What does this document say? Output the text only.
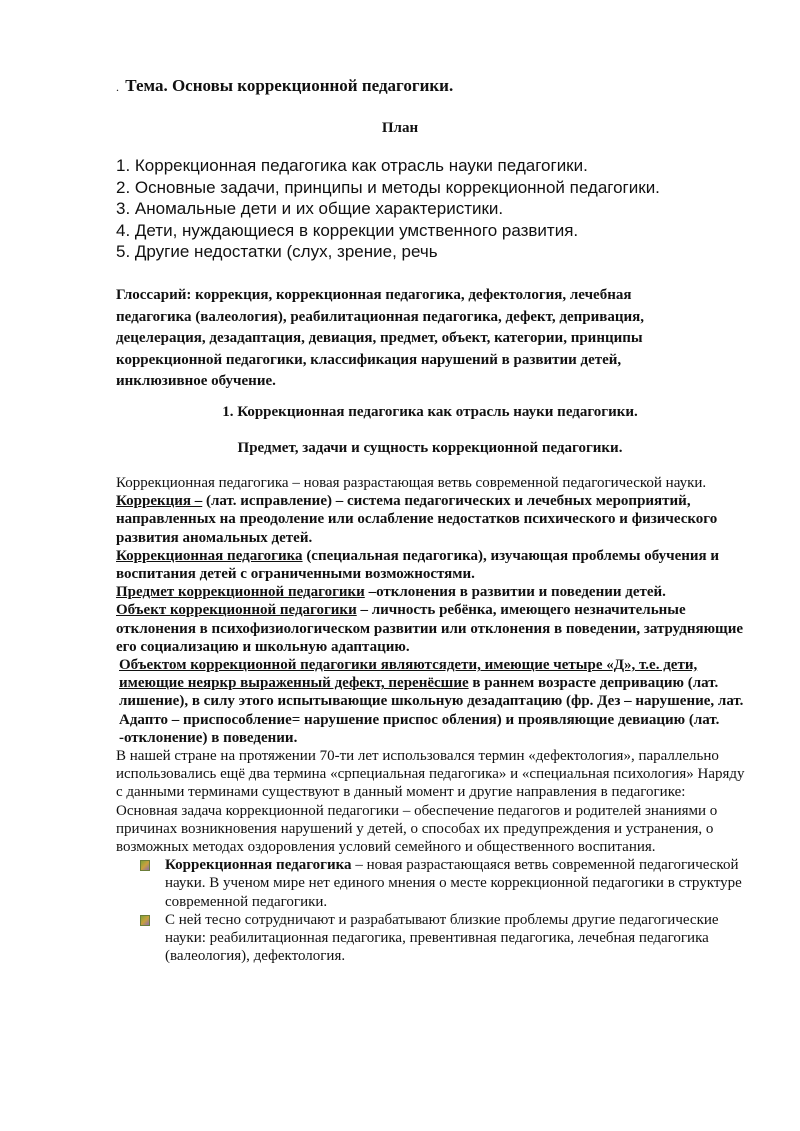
. Тема. Основы коррекционной педагогики.
План
1. Коррекционная педагогика как отрасль науки педагогики.
2. Основные задачи, принципы и методы коррекционной педагогики.
3. Аномальные дети и их общие характеристики.
4. Дети, нуждающиеся в коррекции умственного развития.
5. Другие недостатки (слух, зрение, речь
Глоссарий: коррекция, коррекционная педагогика, дефектология, лечебная педагогика (валеология), реабилитационная педагогика, дефект, депривация, децелерация, дезадаптация, девиация, предмет, объект, категории, принципы коррекционной педагогики, классификация нарушений в развитии детей, инклюзивное обучение.
1. Коррекционная педагогика как отрасль науки педагогики.
Предмет, задачи и сущность коррекционной педагогики.

Коррекционная педагогика – новая разрастающая ветвь современной педагогической науки.

Коррекция – (лат. исправление) – система педагогических и лечебных мероприятий, направленных на преодоление или ослабление недостатков психического и физического развития аномальных детей.

Коррекционная педагогика (специальная педагогика), изучающая проблемы обучения и воспитания детей с ограниченными возможностями.

Предмет коррекционной педагогики –отклонения в развитии и поведении детей.

Объект коррекционной педагогики – личность ребёнка, имеющего незначительные отклонения в психофизиологическом развитии или отклонения в поведении, затрудняющие его социализацию и школьную адаптацию.

Объектом коррекционной педагогики являютсядети, имеющие четыре «Д», т.е. дети, имеющие неяркр выраженный дефект, перенёсшие в раннем возрасте депривацию (лат. лишение), в силу этого испытывающие школьную дезадаптацию (фр. Дез – нарушение, лат. Адапто – приспособление= нарушение приспос обления) и проявляющие девиацию (лат. -отклонение) в поведении.

В нашей стране на протяжении 70-ти лет использовался термин «дефектология», параллельно использовались ещё два термина «српециальная педагогика» и «специальная психология» Наряду с данными терминами существуют в данный момент и другие направления в педагогике:

Основная задача коррекционной педагогики – обеспечение педагогов и родителей знаниями о причинах возникновения нарушений у детей, о способах их предупреждения и устранения, о возможных методах оздоровления условий семейного и общественного воспитания.

Коррекционная педагогика – новая разрастающаяся ветвь современной педагогической науки. В ученом мире нет единого мнения о месте коррекционной педагогики в структуре современной педагогики.
С ней тесно сотрудничают и разрабатывают близкие проблемы другие педагогические науки: реабилитационная педагогика, превентивная педагогика, лечебная педагогика (валеология), дефектология.
